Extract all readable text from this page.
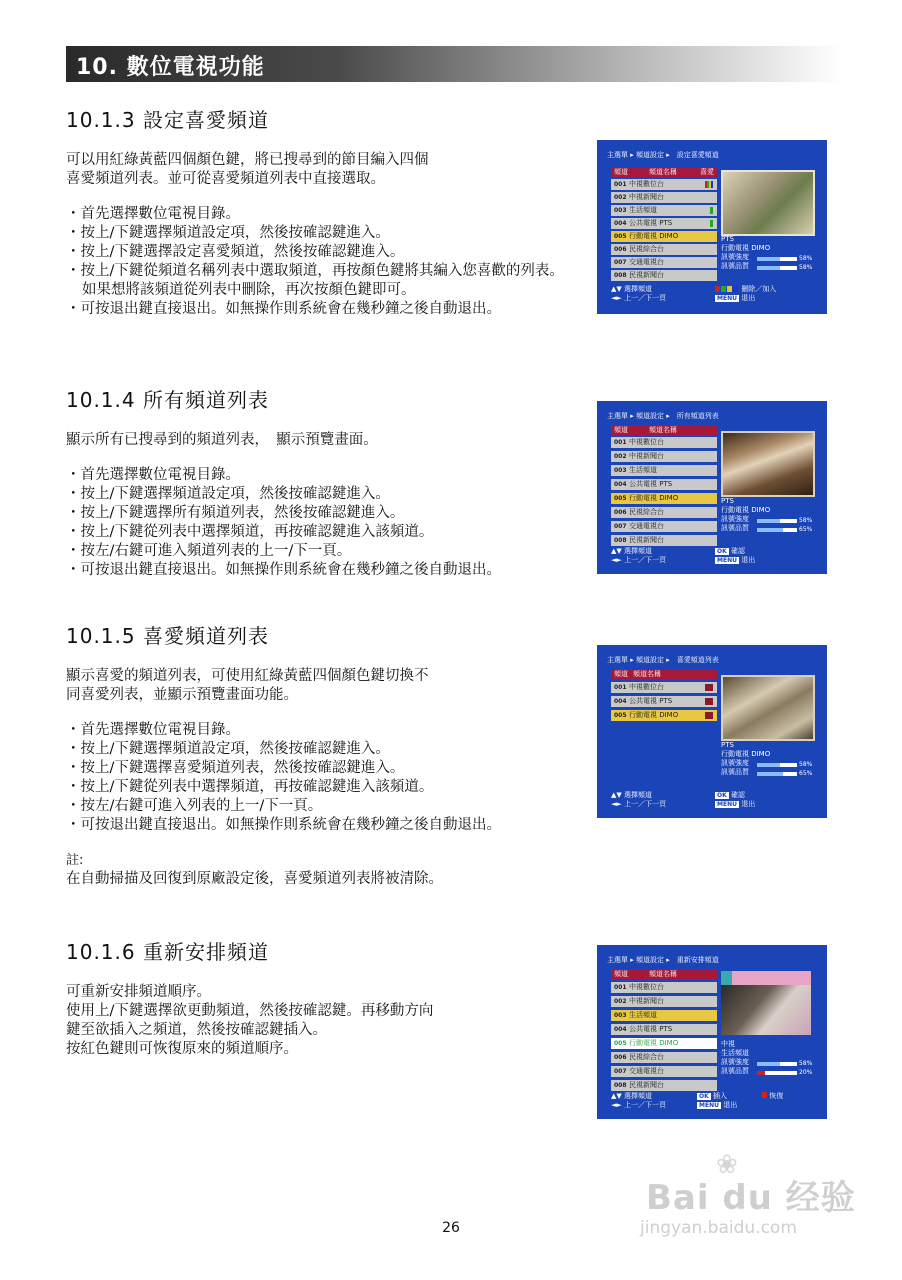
10. 數位電視功能
10.1.3 設定喜愛頻道

可以用紅綠黃藍四個顏色鍵，將已搜尋到的節目編入四個

喜愛頻道列表。並可從喜愛頻道列表中直接選取。

・ 首先選擇數位電視目錄。
・ 按上/下鍵選擇頻道設定項，然後按確認鍵進入。
・ 按上/下鍵選擇設定喜愛頻道，然後按確認鍵進入。
・ 按上/下鍵從頻道名稱列表中選取頻道，再按顏色鍵將其編入您喜歡的列表。如果想將該頻道從列表中刪除，再次按顏色鍵即可。
・ 可按退出鍵直接退出。如無操作則系統會在幾秒鐘之後自動退出。
10.1.4 所有頻道列表

顯示所有已搜尋到的頻道列表，　顯示預覽畫面。

・ 首先選擇數位電視目錄。
・ 按上/下鍵選擇頻道設定項，然後按確認鍵進入。
・ 按上/下鍵選擇所有頻道列表，然後按確認鍵進入。
・ 按上/下鍵從列表中選擇頻道，再按確認鍵進入該頻道。
・ 按左/右鍵可進入頻道列表的上一/下一頁。
・ 可按退出鍵直接退出。如無操作則系統會在幾秒鐘之後自動退出。
10.1.5 喜愛頻道列表

顯示喜愛的頻道列表，可使用紅綠黃藍四個顏色鍵切換不

同喜愛列表，並顯示預覽畫面功能。

・ 首先選擇數位電視目錄。
・ 按上/下鍵選擇頻道設定項，然後按確認鍵進入。
・ 按上/下鍵選擇喜愛頻道列表，然後按確認鍵進入。
・ 按上/下鍵從列表中選擇頻道，再按確認鍵進入該頻道。
・ 按左/右鍵可進入列表的上一/下一頁。
・ 可按退出鍵直接退出。如無操作則系統會在幾秒鐘之後自動退出。

註:

在自動掃描及回復到原廠設定後，喜愛頻道列表將被清除。

10.1.6 重新安排頻道

可重新安排頻道順序。

使用上/下鍵選擇欲更動頻道，然後按確認鍵。再移動方向

鍵至欲插入之頻道，然後按確認鍵插入。

按紅色鍵則可恢復原來的頻道順序。

主選單 ▸ 頻道設定 ▸　設定喜愛頻道
頻道	頻道名稱	喜愛
001 中視數位台
002 中視新聞台
003 生活頻道
004 公共電視 PTS
005 行動電視 DIMO
006 民視綜合台
007 交通電視台
008 民視新聞台
PTS
行動電視 DIMO
訊號強度
訊號品質
58%
58%
▲▼ 選擇頻道
◄► 上一／下一頁
刪除／加入
MENU 退出
主選單 ▸ 頻道設定 ▸　所有頻道列表
頻道	頻道名稱
001 中視數位台
002 中視新聞台
003 生活頻道
004 公共電視 PTS
005 行動電視 DIMO
006 民視綜合台
007 交通電視台
008 民視新聞台
PTS
行動電視 DIMO
訊號強度
訊號品質
58%
65%
▲▼ 選擇頻道
◄► 上一／下一頁
OK 確認
MENU 退出
主選單 ▸ 頻道設定 ▸　喜愛頻道列表
頻道 頻道名稱
001 中視數位台
004 公共電視 PTS
005 行動電視 DIMO
PTS
行動電視 DIMO
訊號強度
訊號品質
58%
65%
▲▼ 選擇頻道
◄► 上一／下一頁
OK 確認
MENU 退出
主選單 ▸ 頻道設定 ▸　重新安排頻道
頻道	頻道名稱
001 中視數位台
002 中視新聞台
003 生活頻道
004 公共電視 PTS
005 行動電視 DIMO
006 民視綜合台
007 交通電視台
008 民視新聞台
中視
生活頻道
訊號強度
訊號品質
58%
20%
▲▼ 選擇頻道
◄► 上一／下一頁
OK 插入
MENU 退出
恢復
26
❀
Bai du 经验
jingyan.baidu.com
